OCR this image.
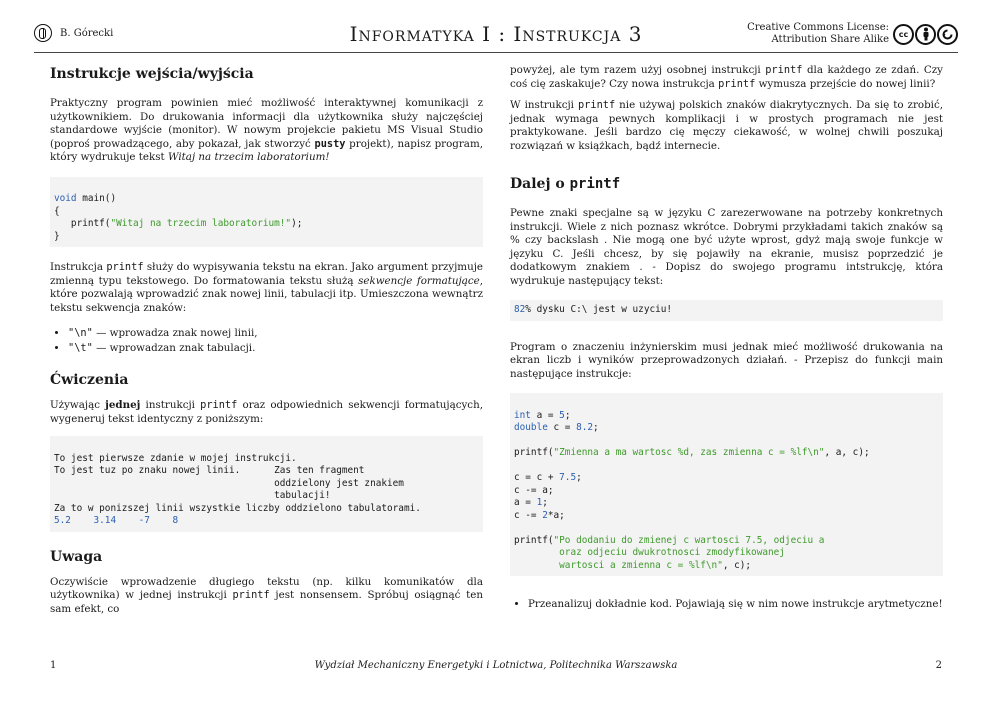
B. Górecki	Informatyka I : Instrukcja 3	Creative Commons License:
Attribution Share Alike	cc
Instrukcje wejścia/wyjścia

Praktyczny program powinien mieć możliwość interaktywnej komunikacji z użytkownikiem. Do drukowania informacji dla użytkownika służy najczęściej standardowe wyjście (monitor). W nowym projekcie pakietu MS Visual Studio (poproś prowadzącego, aby pokazał, jak stworzyć pusty projekt), napisz program, który wydrukuje tekst Witaj na trzecim laboratorium!

void main()
{
printf("Witaj na trzecim laboratorium!");
}

Instrukcja printf służy do wypisywania tekstu na ekran. Jako argument przyjmuje zmienną typu tekstowego. Do formatowania tekstu służą sekwencje formatujące, które pozwalają wprowadzić znak nowej linii, tabulacji itp. Umieszczona wewnątrz tekstu sekwencja znaków:

• "\n" — wprowadza znak nowej linii,
• "\t" — wprowadzan znak tabulacji.
Ćwiczenia

Używając jednej instrukcji printf oraz odpowiednich sekwencji formatujących, wygeneruj tekst identyczny z poniższym:

To jest pierwsze zdanie w mojej instrukcji.
To jest tuz po znaku nowej linii.      Zas ten fragment
oddzielony jest znakiem
tabulacji!
Za to w ponizszej linii wszystkie liczby oddzielono tabulatorami.
5.2    3.14    -7    8
Uwaga

Oczywiście wprowadzenie długiego tekstu (np. kilku komunikatów dla użytkownika) w jednej instrukcji printf jest nonsensem. Spróbuj osiągnąć ten sam efekt, co

powyżej, ale tym razem użyj osobnej instrukcji printf dla każdego ze zdań. Czy coś cię zaskakuje? Czy nowa instrukcja printf wymusza przejście do nowej linii?

W instrukcji printf nie używaj polskich znaków diakrytycznych. Da się to zrobić, jednak wymaga pewnych komplikacji i w prostych programach nie jest praktykowane. Jeśli bardzo cię męczy ciekawość, w wolnej chwili poszukaj rozwiązań w książkach, bądź internecie.

Dalej o printf

Pewne znaki specjalne są w języku C zarezerwowane na potrzeby konkretnych instrukcji. Wiele z nich poznasz wkrótce. Dobrymi przykładami takich znaków są % czy backslash . Nie mogą one być użyte wprost, gdyż mają swoje funkcje w języku C. Jeśli chcesz, by się pojawiły na ekranie, musisz poprzedzić je dodatkowym znakiem . - Dopisz do swojego programu intstrukcję, która wydrukuje następujący tekst:

82% dysku C:\ jest w uzyciu!

Program o znaczeniu inżynierskim musi jednak mieć możliwość drukowania na ekran liczb i wyników przeprowadzonych działań. - Przepisz do funkcji main następujące instrukcje:

int a = 5;
double c = 8.2;

printf("Zmienna a ma wartosc %d, zas zmienna c = %lf\n", a, c);

c = c + 7.5;
c -= a;
a = 1;
c -= 2*a;

printf("Po dodaniu do zmienej c wartosci 7.5, odjeciu a
oraz odjeciu dwukrotnosci zmodyfikowanej
wartosci a zmienna c = %lf\n", c);
• Przeanalizuj dokładnie kod. Pojawiają się w nim nowe instrukcje arytmetyczne!
1	Wydział Mechaniczny Energetyki i Lotnictwa, Politechnika Warszawska	2
